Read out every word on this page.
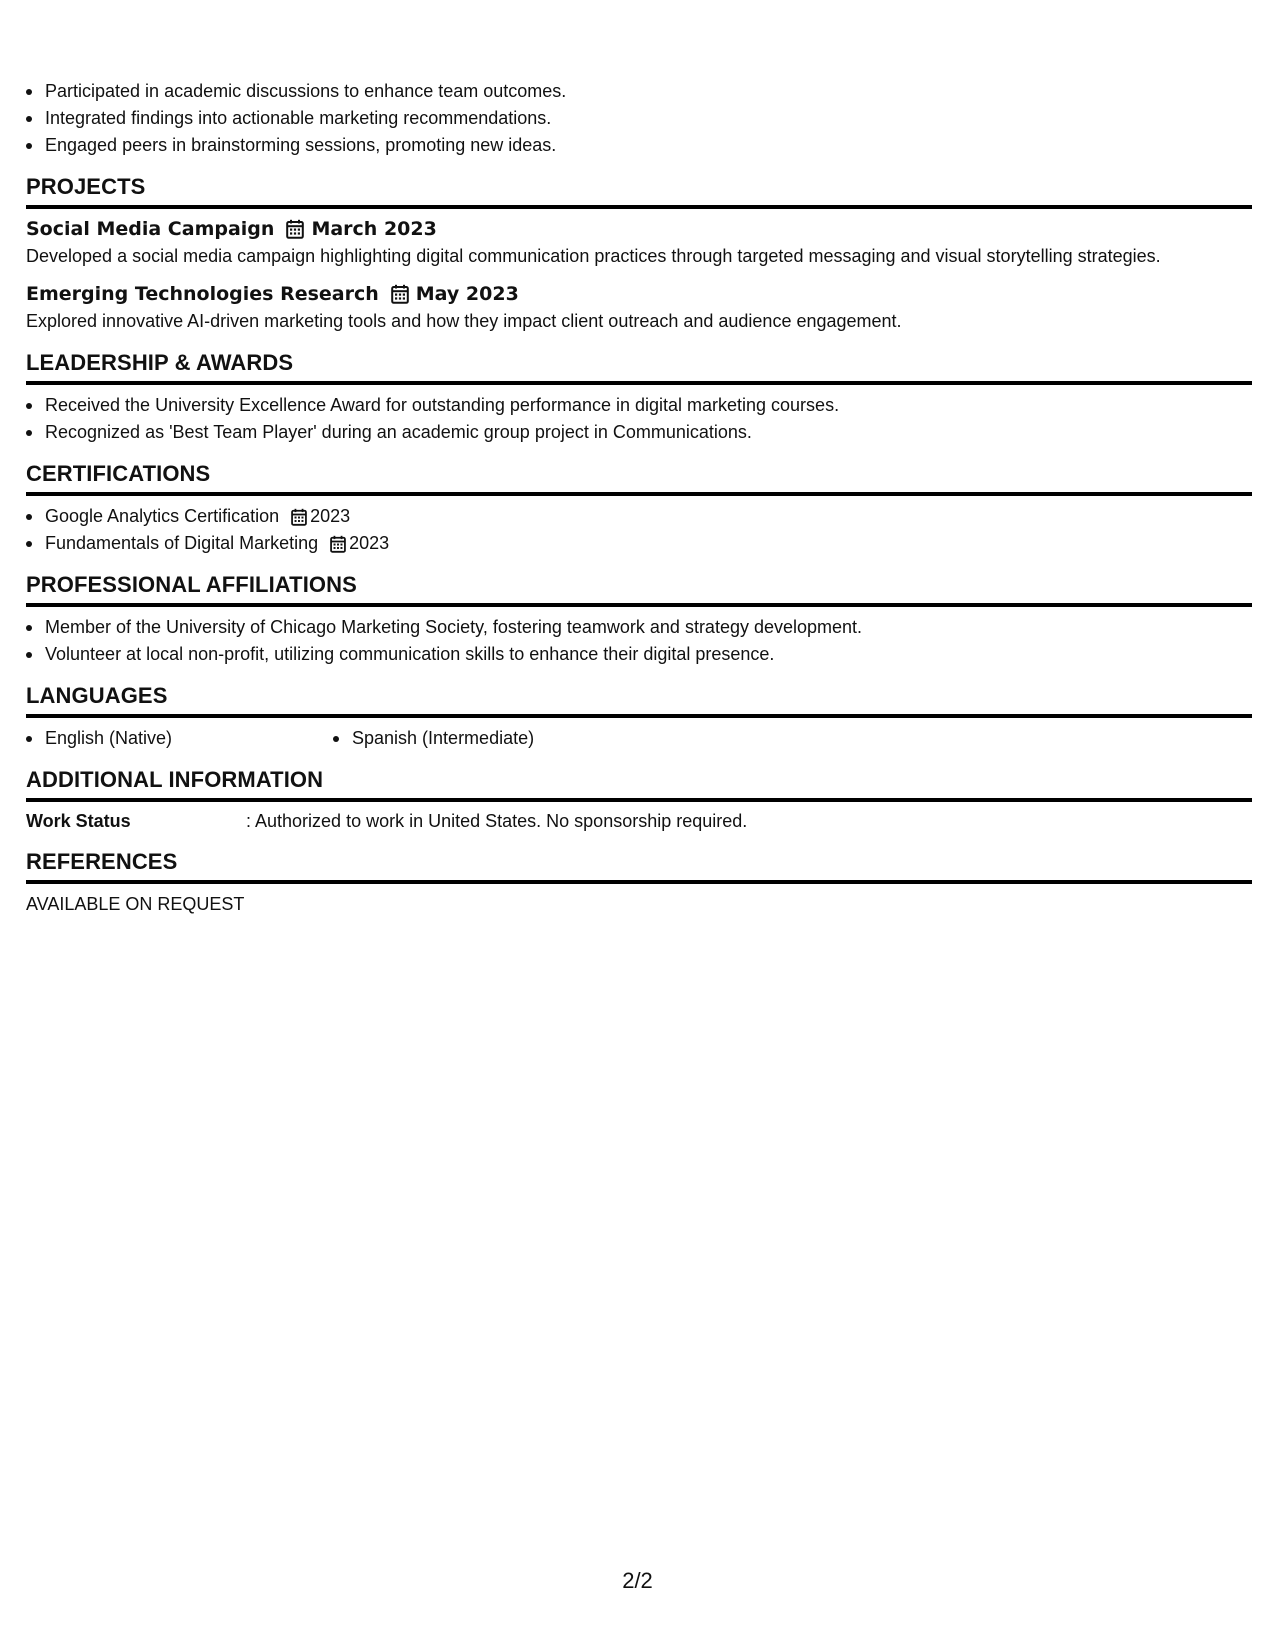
Participated in academic discussions to enhance team outcomes.
Integrated findings into actionable marketing recommendations.
Engaged peers in brainstorming sessions, promoting new ideas.
PROJECTS
Social Media Campaign March 2023
Developed a social media campaign highlighting digital communication practices through targeted messaging and visual storytelling strategies.
Emerging Technologies Research May 2023
Explored innovative AI-driven marketing tools and how they impact client outreach and audience engagement.
LEADERSHIP & AWARDS
Received the University Excellence Award for outstanding performance in digital marketing courses.
Recognized as 'Best Team Player' during an academic group project in Communications.
CERTIFICATIONS
Google Analytics Certification 2023
Fundamentals of Digital Marketing 2023
PROFESSIONAL AFFILIATIONS
Member of the University of Chicago Marketing Society, fostering teamwork and strategy development.
Volunteer at local non-profit, utilizing communication skills to enhance their digital presence.
LANGUAGES
English (Native)	Spanish (Intermediate)
ADDITIONAL INFORMATION
Work Status	: Authorized to work in United States. No sponsorship required.
REFERENCES
AVAILABLE ON REQUEST
2/2
